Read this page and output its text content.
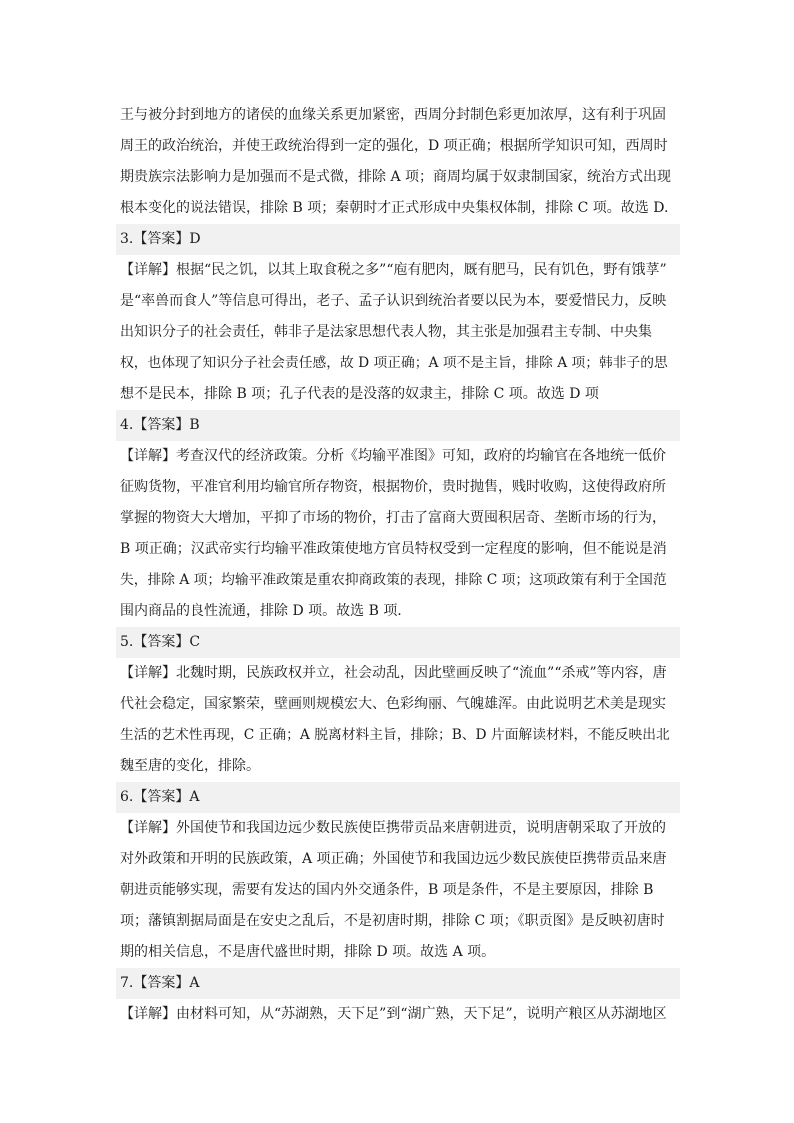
王与被分封到地方的诸侯的血缘关系更加紧密，西周分封制色彩更加浓厚，这有利于巩固
周王的政治统治，并使王政统治得到一定的强化，D 项正确；根据所学知识可知，西周时
期贵族宗法影响力是加强而不是式微，排除 A 项；商周均属于奴隶制国家，统治方式出现
根本变化的说法错误，排除 B 项；秦朝时才正式形成中央集权体制，排除 C 项。故选 D.
3.【答案】D
【详解】根据“民之饥，以其上取食税之多”“庖有肥肉，厩有肥马，民有饥色，野有饿莩”
是“率兽而食人”等信息可得出，老子、孟子认识到统治者要以民为本，要爱惜民力，反映
出知识分子的社会责任，韩非子是法家思想代表人物，其主张是加强君主专制、中央集
权，也体现了知识分子社会责任感，故 D 项正确；A 项不是主旨，排除 A 项；韩非子的思
想不是民本，排除 B 项；孔子代表的是没落的奴隶主，排除 C 项。故选 D 项
4.【答案】B
【详解】考查汉代的经济政策。分析《均输平准图》可知，政府的均输官在各地统一低价
征购货物，平准官利用均输官所存物资，根据物价，贵时抛售，贱时收购，这使得政府所
掌握的物资大大增加，平抑了市场的物价，打击了富商大贾囤积居奇、垄断市场的行为，
B 项正确；汉武帝实行均输平准政策使地方官员特权受到一定程度的影响，但不能说是消
失，排除 A 项；均输平准政策是重农抑商政策的表现，排除 C 项；这项政策有利于全国范
围内商品的良性流通，排除 D 项。故选 B 项.
5.【答案】C
【详解】北魏时期，民族政权并立，社会动乱，因此壁画反映了“流血”“杀戒”等内容，唐
代社会稳定，国家繁荣，壁画则规模宏大、色彩绚丽、气魄雄浑。由此说明艺术美是现实
生活的艺术性再现，C 正确；A 脱离材料主旨，排除；B、D 片面解读材料，不能反映出北
魏至唐的变化，排除。
6.【答案】A
【详解】外国使节和我国边远少数民族使臣携带贡品来唐朝进贡，说明唐朝采取了开放的
对外政策和开明的民族政策，A 项正确；外国使节和我国边远少数民族使臣携带贡品来唐
朝进贡能够实现，需要有发达的国内外交通条件，B 项是条件，不是主要原因，排除 B
项；藩镇割据局面是在安史之乱后，不是初唐时期，排除 C 项；《职贡图》是反映初唐时
期的相关信息，不是唐代盛世时期，排除 D 项。故选 A 项。
7.【答案】A
【详解】由材料可知，从“苏湖熟，天下足”到“湖广熟，天下足”，说明产粮区从苏湖地区
